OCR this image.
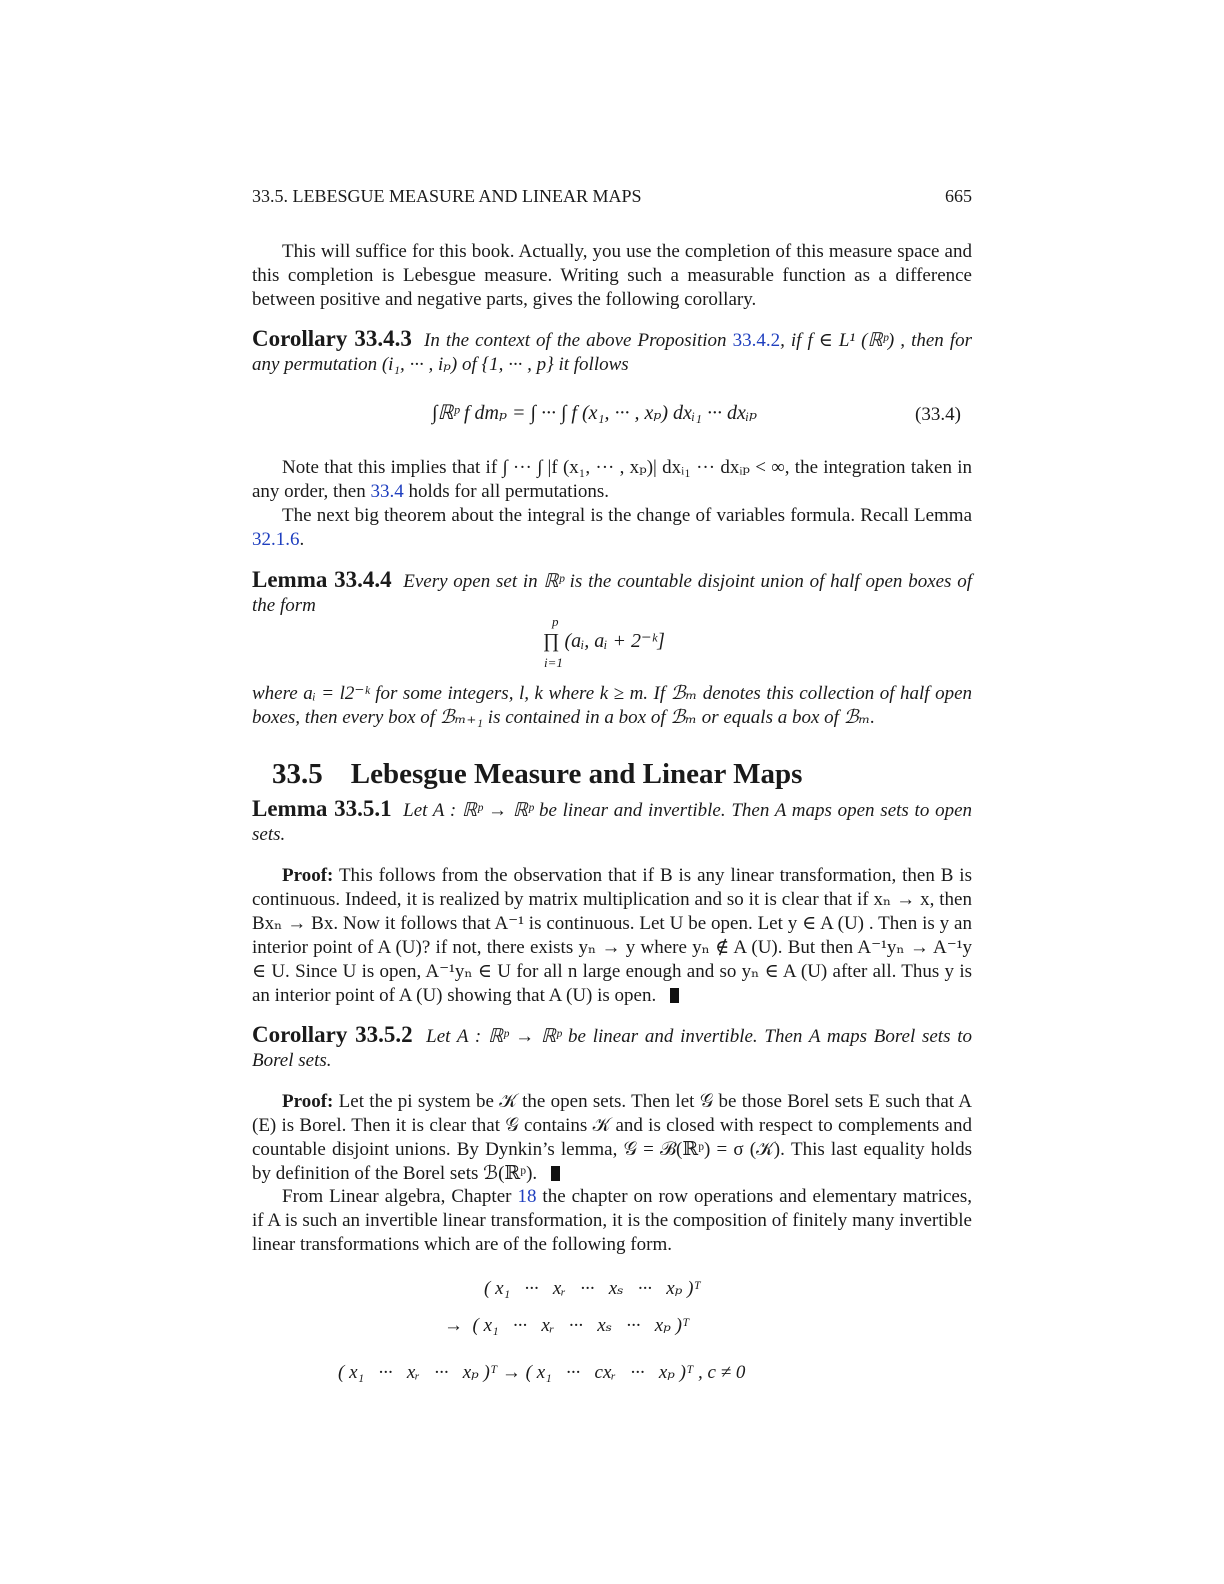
33.5. LEBESGUE MEASURE AND LINEAR MAPS	665
This will suffice for this book. Actually, you use the completion of this measure space and this completion is Lebesgue measure. Writing such a measurable function as a difference between positive and negative parts, gives the following corollary.
Corollary 33.4.3 In the context of the above Proposition 33.4.2, if f ∈ L¹ (ℝᵖ) , then for any permutation (i₁, ··· , iₚ) of {1, ··· , p} it follows
∫ℝᵖ f dmₚ = ∫ ··· ∫ f (x₁, ··· , xₚ) dxᵢ₁ ··· dxᵢₚ	(33.4)
Note that this implies that if ∫ ··· ∫ |f (x₁, ··· , xₚ)| dxᵢ₁ ··· dxᵢₚ < ∞, the integration taken in any order, then 33.4 holds for all permutations.
The next big theorem about the integral is the change of variables formula. Recall Lemma 32.1.6.
Lemma 33.4.4 Every open set in ℝᵖ is the countable disjoint union of half open boxes of the form
p
∏ (aᵢ, aᵢ + 2⁻ᵏ]
i=1
where aᵢ = l2⁻ᵏ for some integers, l, k where k ≥ m. If ℬₘ denotes this collection of half open boxes, then every box of ℬₘ₊₁ is contained in a box of ℬₘ or equals a box of ℬₘ.
33.5 Lebesgue Measure and Linear Maps
Lemma 33.5.1 Let A : ℝᵖ → ℝᵖ be linear and invertible. Then A maps open sets to open sets.
Proof: This follows from the observation that if B is any linear transformation, then B is continuous. Indeed, it is realized by matrix multiplication and so it is clear that if xₙ → x, then Bxₙ → Bx. Now it follows that A⁻¹ is continuous. Let U be open. Let y ∈ A (U) . Then is y an interior point of A (U)? if not, there exists yₙ → y where yₙ ∉ A (U). But then A⁻¹yₙ → A⁻¹y ∈ U. Since U is open, A⁻¹yₙ ∈ U for all n large enough and so yₙ ∈ A (U) after all. Thus y is an interior point of A (U) showing that A (U) is open.
Corollary 33.5.2 Let A : ℝᵖ → ℝᵖ be linear and invertible. Then A maps Borel sets to Borel sets.
Proof: Let the pi system be 𝒦 the open sets. Then let 𝒢 be those Borel sets E such that A (E) is Borel. Then it is clear that 𝒢 contains 𝒦 and is closed with respect to complements and countable disjoint unions. By Dynkin’s lemma, 𝒢 = ℬ(ℝᵖ) = σ (𝒦). This last equality holds by definition of the Borel sets ℬ(ℝᵖ).
From Linear algebra, Chapter 18 the chapter on row operations and elementary matrices, if A is such an invertible linear transformation, it is the composition of finitely many invertible linear transformations which are of the following form.
( x₁   ···   xᵣ   ···   xₛ   ···   xₚ )ᵀ
→  ( x₁   ···   xᵣ   ···   xₛ   ···   xₚ )ᵀ
( x₁   ···   xᵣ   ···   xₚ )ᵀ → ( x₁   ···   cxᵣ   ···   xₚ )ᵀ , c ≠ 0
